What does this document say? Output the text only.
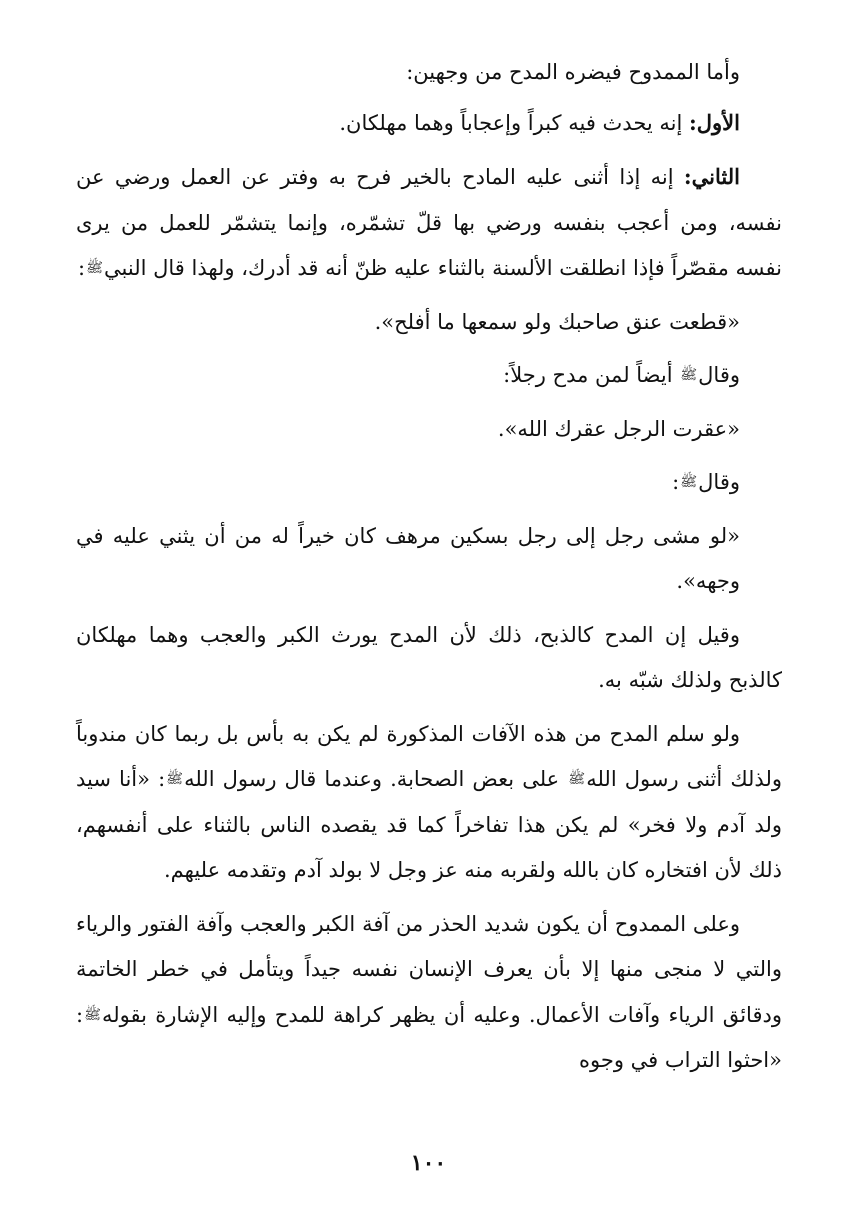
وأما الممدوح فيضره المدح من وجهين:

الأول: إنه يحدث فيه كبراً وإعجاباً وهما مهلكان.

الثاني: إنه إذا أثنى عليه المادح بالخير فرح به وفتر عن العمل ورضي عن نفسه، ومن أعجب بنفسه ورضي بها قلّ تشمّره، وإنما يتشمّر للعمل من يرى نفسه مقصّراً فإذا انطلقت الألسنة بالثناء عليه ظنّ أنه قد أدرك، ولهذا قال النبيﷺ:

«قطعت عنق صاحبك ولو سمعها ما أفلح».

وقالﷺ أيضاً لمن مدح رجلاً:

«عقرت الرجل عقرك الله».

وقالﷺ:

«لو مشى رجل إلى رجل بسكين مرهف كان خيراً له من أن يثني عليه في وجهه».

وقيل إن المدح كالذبح، ذلك لأن المدح يورث الكبر والعجب وهما مهلكان كالذبح ولذلك شبّه به.

ولو سلم المدح من هذه الآفات المذكورة لم يكن به بأس بل ربما كان مندوباً ولذلك أثنى رسول اللهﷺ على بعض الصحابة. وعندما قال رسول اللهﷺ: «أنا سيد ولد آدم ولا فخر» لم يكن هذا تفاخراً كما قد يقصده الناس بالثناء على أنفسهم، ذلك لأن افتخاره كان بالله ولقربه منه عز وجل لا بولد آدم وتقدمه عليهم.

وعلى الممدوح أن يكون شديد الحذر من آفة الكبر والعجب وآفة الفتور والرياء والتي لا منجى منها إلا بأن يعرف الإنسان نفسه جيداً ويتأمل في خطر الخاتمة ودقائق الرياء وآفات الأعمال. وعليه أن يظهر كراهة للمدح وإليه الإشارة بقولهﷺ: «احثوا التراب في وجوه

١٠٠
